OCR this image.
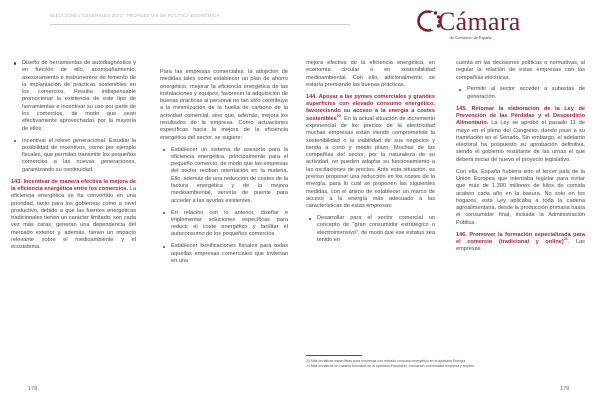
ELECCIONES GENERALES 2023 · PROPUESTAS DE POLÍTICA ECONÓMICA	Cámara
de Comercio de España
Diseño de herramientas de autodiagnóstico y en función de ello, acompañamiento, asesoramiento e instrumentos de fomento de la implantación de prácticas sostenibles en los comercios. Resulta indispensable promocionar la existencia de este tipo de herramientas e incentivar su uso por parte de los comercios, de modo que sean efectivamente aprovechadas por la mayoría de ellos.
Incentivar el relevo generacional. Estudiar la posibilidad de incentivos, como por ejemplo fiscales, que permitan transmitir los pequeños comercios a las nuevas generaciones, garantizando su continuidad.

143. Incentivar de manera efectiva la mejora de la eficiencia energética entre los comercios. La eficiencia energética se ha convertido en una prioridad, tanto para los gobiernos como a nivel productivo, debido a que las fuentes energéticas tradicionales tienen un carácter limitado, son cada vez más caras, generan una dependencia del mercado exterior y, además, tienen un impacto relevante sobre el medioambiente y el ecosistema.

Para las empresas comerciales, la adopción de medidas tales como establecer un plan de ahorro energético, mejorar la eficiencia energética de las instalaciones y equipos, favorecer la adquisición de buenas prácticas al personal no tan sólo contribuye a la minimización de la huella de carbono de la actividad comercial, sino que, además, mejora los resultados de la empresa. Como actuaciones específicas hacia la mejora de la eficiencia energética del sector, se sugiere:

Establecer un sistema de asesoría para la eficiencia energética, principalmente para el pequeño comercio, de modo que las empresas del sector reciban orientación en la materia. Ello, además de una reducción de costes de la factura energética y de la mejora medioambiental, serviría de puente para acceder a las ayudas existentes.
En relación con lo anterior, diseñar e implementar soluciones específicas para reducir el coste energético y facilitar el autoconsumo de los pequeños comercios.
Establecer bonificaciones fiscales para todas aquellas empresas comerciales que inviertan en una

mejora efectiva de la eficiencia energética, en economía circular o en sostenibilidad medioambiental. Con ello, adicionalmente, se estaría premiando las buenas prácticas.

144. Apoyar a las pymes comerciales y grandes superficies con elevado consumo energético, favoreciendo su acceso a la energía a costes sostenibles$^{20}$. En la actual situación de incremento exponencial de los precios de la electricidad muchas empresas están viendo comprometida la sostenibilidad o la viabilidad de sus negocios y tienda a corto y medio plazo. Muchas de las compañías del sector, por la naturaleza de su actividad, no pueden adaptar su funcionamiento a las oscilaciones de precios. Ante esta situación, es preciso proponer una reducción en los costes de la energía, para lo cual se proponen las siguientes medidas, con el ánimo de establecer un marco de acceso a la energía más adecuado a las características de estas empresas:

Desarrollar para el sector comercial un concepto de "gran consumidor estratégico o electrointensivo", de modo que ese estatus sea tenido en
20 Más iniciativas específicas para empresas con elevado consumo energético en el apartado Energía.
21 Más iniciativas en materia formativa en el apartado Educación, formación, universidad empresa y empleo.

cuenta en las decisiones políticas o normativas, al regular la relación de estas empresas con las compañías eléctricas.

Permitir al sector acceder a subastas de generación.

145. Retomar la elaboración de la Ley de Prevención de las Pérdidas y el Desperdicio Alimentario. La Ley se aprobó el pasado 11 de mayo en el pleno del Congreso, dando paso a su tramitación en el Senado. Sin embargo, el adelanto electoral ha pospuesto su aprobación definitiva, siendo el gobierno resultante de las urnas el que deberá iniciar de nuevo el proyecto legislativo.

Con ella, España hubiera sido el tercer país de la Unión Europea que intentaba legislar para evitar que más de 1.300 millones de kilos de comida acaben cada año en la basura. No solo en los hogares, esta Ley aplicaba a toda la cadena agroalimentaria, desde la producción primaria hasta el consumidor final, incluida la Administración Pública.

146. Promover la formación especializada para el comercio (tradicional y online)$^{21}$. Las empresas

178	179
